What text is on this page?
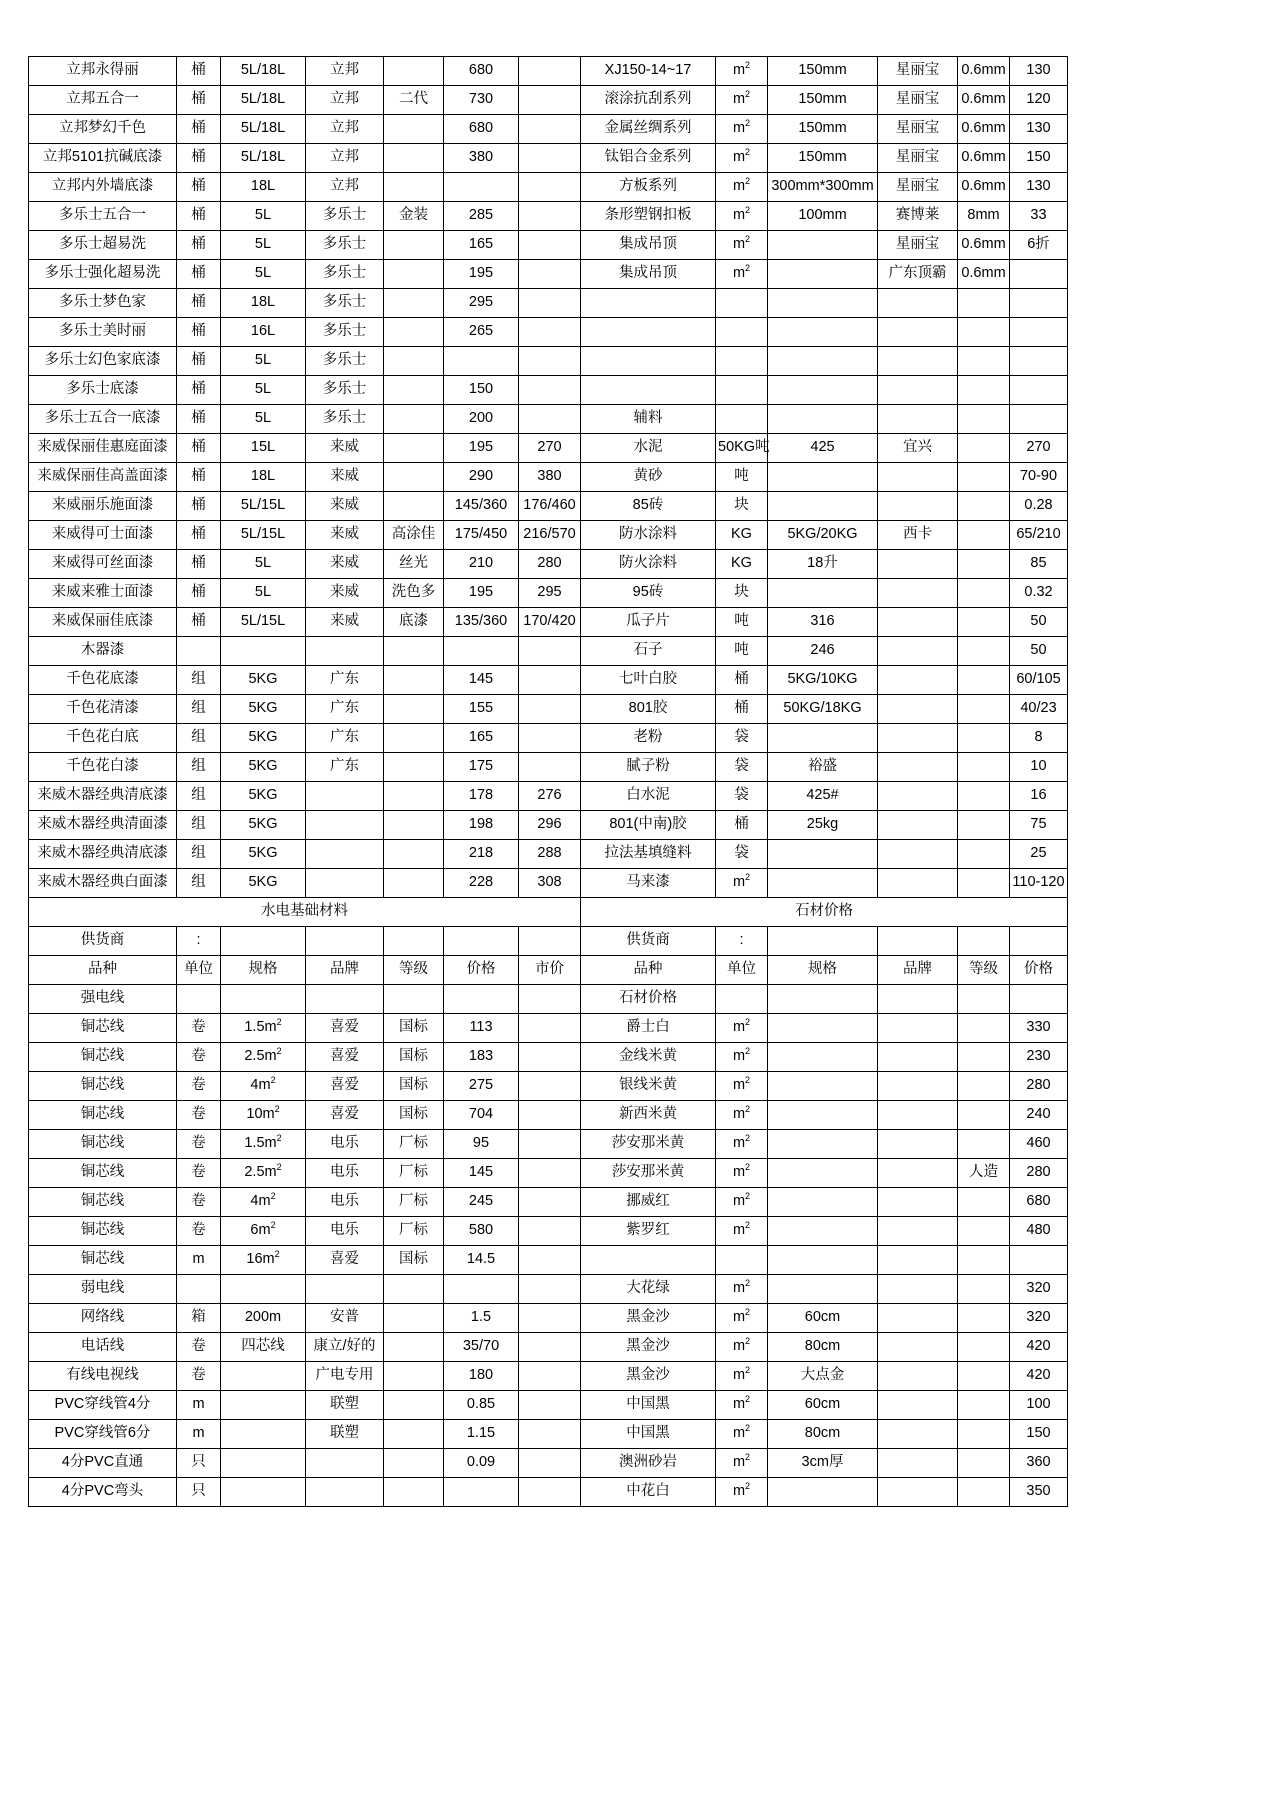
立邦永得丽	桶	5L/18L	立邦		680		XJ150-14~17	$m^2$	150mm	星丽宝	0.6mm	130
立邦五合一	桶	5L/18L	立邦	二代	730		滚涂抗刮系列	$m^2$	150mm	星丽宝	0.6mm	120
立邦梦幻千色	桶	5L/18L	立邦		680		金属丝绸系列	$m^2$	150mm	星丽宝	0.6mm	130
立邦5101抗碱底漆	桶	5L/18L	立邦		380		钛铝合金系列	$m^2$	150mm	星丽宝	0.6mm	150
立邦内外墙底漆	桶	18L	立邦				方板系列	$m^2$	300mm*300mm	星丽宝	0.6mm	130
多乐士五合一	桶	5L	多乐士	金装	285		条形塑钢扣板	$m^2$	100mm	赛博莱	8mm	33
多乐士超易洗	桶	5L	多乐士		165		集成吊顶	$m^2$		星丽宝	0.6mm	6折
多乐士强化超易洗	桶	5L	多乐士		195		集成吊顶	$m^2$		广东顶霸	0.6mm	
多乐士梦色家	桶	18L	多乐士		295							
多乐士美时丽	桶	16L	多乐士		265							
多乐士幻色家底漆	桶	5L	多乐士									
多乐士底漆	桶	5L	多乐士		150							
多乐士五合一底漆	桶	5L	多乐士		200		辅料					
来威保丽佳惠庭面漆	桶	15L	来威		195	270	水泥	50KG吨	425	宜兴		270
来威保丽佳高盖面漆	桶	18L	来威		290	380	黄砂	吨				70-90
来威丽乐施面漆	桶	5L/15L	来威		145/360	176/460	85砖	块				0.28
来威得可士面漆	桶	5L/15L	来威	高涂佳	175/450	216/570	防水涂料	KG	5KG/20KG	西卡		65/210
来威得可丝面漆	桶	5L	来威	丝光	210	280	防火涂料	KG	18升			85
来威来雅士面漆	桶	5L	来威	洗色多	195	295	95砖	块				0.32
来威保丽佳底漆	桶	5L/15L	来威	底漆	135/360	170/420	瓜子片	吨	316			50
木器漆							石子	吨	246			50
千色花底漆	组	5KG	广东		145		七叶白胶	桶	5KG/10KG			60/105
千色花清漆	组	5KG	广东		155		801胶	桶	50KG/18KG			40/23
千色花白底	组	5KG	广东		165		老粉	袋				8
千色花白漆	组	5KG	广东		175		腻子粉	袋	裕盛			10
来威木器经典清底漆	组	5KG			178	276	白水泥	袋	425#			16
来威木器经典清面漆	组	5KG			198	296	801(中南)胶	桶	25kg			75
来威木器经典清底漆	组	5KG			218	288	拉法基填缝料	袋				25
来威木器经典白面漆	组	5KG			228	308	马来漆	$m^2$				110-120
水电基础材料							石材价格					
供货商	:						供货商	:				
品种	单位	规格	品牌	等级	价格	市价	品种	单位	规格	品牌	等级	价格
强电线							石材价格					
铜芯线	卷	$1.5m^2$	喜爱	国标	113		爵士白	$m^2$				330
铜芯线	卷	$2.5m^2$	喜爱	国标	183		金线米黄	$m^2$				230
铜芯线	卷	$4m^2$	喜爱	国标	275		银线米黄	$m^2$				280
铜芯线	卷	$10m^2$	喜爱	国标	704		新西米黄	$m^2$				240
铜芯线	卷	$1.5m^2$	电乐	厂标	95		莎安那米黄	$m^2$				460
铜芯线	卷	$2.5m^2$	电乐	厂标	145		莎安那米黄	$m^2$			人造	280
铜芯线	卷	$4m^2$	电乐	厂标	245		挪威红	$m^2$				680
铜芯线	卷	$6m^2$	电乐	厂标	580		紫罗红	$m^2$				480
铜芯线	m	$16m^2$	喜爱	国标	14.5							
弱电线							大花绿	$m^2$				320
网络线	箱	200m	安普		1.5		黑金沙	$m^2$	60cm			320
电话线	卷	四芯线	康立/好的		35/70		黑金沙	$m^2$	80cm			420
有线电视线	卷		广电专用		180		黑金沙	$m^2$	大点金			420
PVC穿线管4分	m		联塑		0.85		中国黑	$m^2$	60cm			100
PVC穿线管6分	m		联塑		1.15		中国黑	$m^2$	80cm			150
4分PVC直通	只				0.09		澳洲砂岩	$m^2$	3cm厚			360
4分PVC弯头	只						中花白	$m^2$				350
